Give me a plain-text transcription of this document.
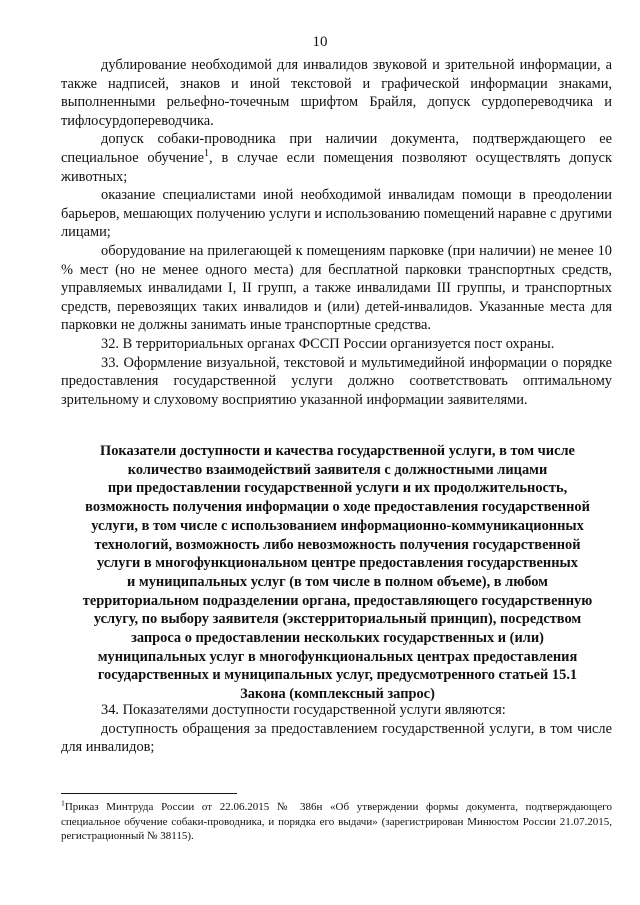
10

дублирование необходимой для инвалидов звуковой и зрительной информации, а также надписей, знаков и иной текстовой и графической информации знаками, выполненными рельефно-точечным шрифтом Брайля, допуск сурдопереводчика и тифлосурдопереводчика.

допуск собаки-проводника при наличии документа, подтверждающего ее специальное обучение$^1$, в случае если помещения позволяют осуществлять допуск животных;

оказание специалистами иной необходимой инвалидам помощи в преодолении барьеров, мешающих получению услуги и использованию помещений наравне с другими лицами;

оборудование на прилегающей к помещениям парковке (при наличии) не менее 10 % мест (но не менее одного места) для бесплатной парковки транспортных средств, управляемых инвалидами I, II групп, а также инвалидами III группы, и транспортных средств, перевозящих таких инвалидов и (или) детей-инвалидов. Указанные места для парковки не должны занимать иные транспортные средства.

32. В территориальных органах ФССП России организуется пост охраны.

33. Оформление визуальной, текстовой и мультимедийной информации о порядке предоставления государственной услуги должно соответствовать оптимальному зрительному и слуховому восприятию указанной информации заявителями.

Показатели доступности и качества государственной услуги, в том числе
количество взаимодействий заявителя с должностными лицами
при предоставлении государственной услуги и их продолжительность,
возможность получения информации о ходе предоставления государственной
услуги, в том числе с использованием информационно-коммуникационных
технологий, возможность либо невозможность получения государственной
услуги в многофункциональном центре предоставления государственных
и муниципальных услуг (в том числе в полном объеме), в любом
территориальном подразделении органа, предоставляющего государственную
услугу, по выбору заявителя (экстерриториальный принцип), посредством
запроса о предоставлении нескольких государственных и (или)
муниципальных услуг в многофункциональных центрах предоставления
государственных и муниципальных услуг, предусмотренного статьей 15.1
Закона (комплексный запрос)

34. Показателями доступности государственной услуги являются:

доступность обращения за предоставлением государственной услуги, в том числе для инвалидов;

$^1$Приказ Минтруда России от 22.06.2015 № 386н «Об утверждении формы документа, подтверждающего специальное обучение собаки-проводника, и порядка его выдачи» (зарегистрирован Минюстом России 21.07.2015, регистрационный № 38115).
